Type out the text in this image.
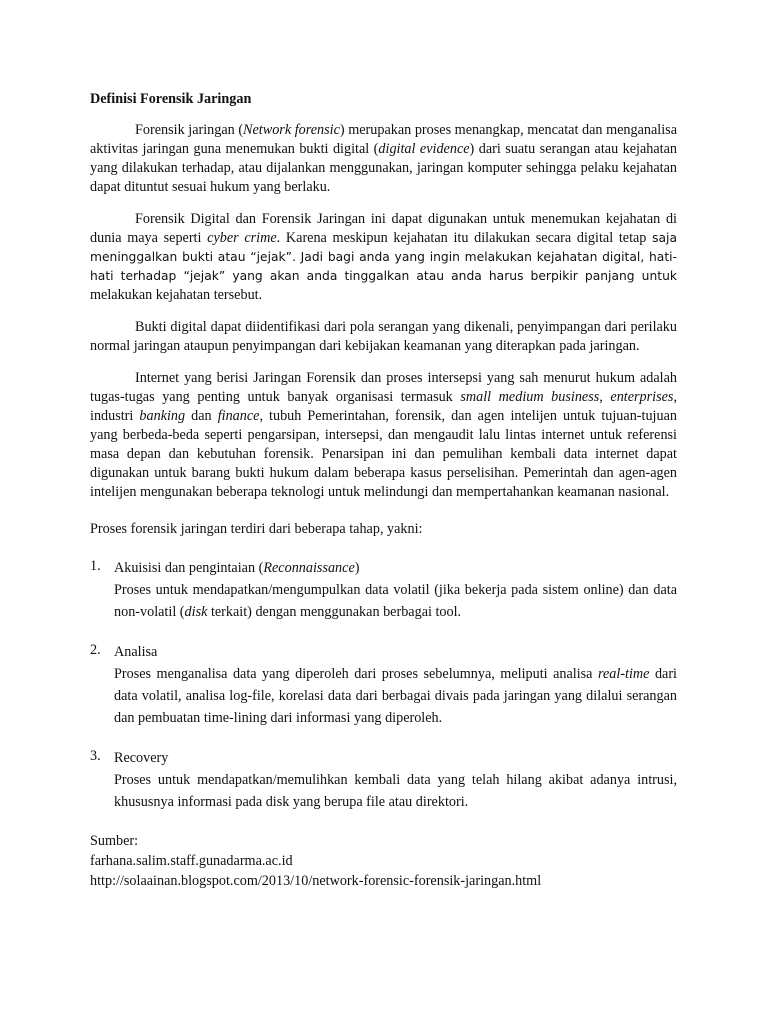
Definisi Forensik Jaringan

Forensik jaringan (Network forensic) merupakan proses menangkap, mencatat dan menganalisa aktivitas jaringan guna menemukan bukti digital (digital evidence) dari suatu serangan atau kejahatan yang dilakukan terhadap, atau dijalankan menggunakan, jaringan komputer sehingga pelaku kejahatan dapat dituntut sesuai hukum yang berlaku.

Forensik Digital dan Forensik Jaringan ini dapat digunakan untuk menemukan kejahatan di dunia maya seperti cyber crime. Karena meskipun kejahatan itu dilakukan secara digital tetap saja meninggalkan bukti atau “jejak”. Jadi bagi anda yang ingin melakukan kejahatan digital, hati-hati terhadap “jejak” yang akan anda tinggalkan atau anda harus berpikir panjang untuk melakukan kejahatan tersebut.

Bukti digital dapat diidentifikasi dari pola serangan yang dikenali, penyimpangan dari perilaku normal jaringan ataupun penyimpangan dari kebijakan keamanan yang diterapkan pada jaringan.

Internet yang berisi Jaringan Forensik dan proses intersepsi yang sah menurut hukum adalah tugas-tugas yang penting untuk banyak organisasi termasuk small medium business, enterprises, industri banking dan finance, tubuh Pemerintahan, forensik, dan agen intelijen untuk tujuan-tujuan yang berbeda-beda seperti pengarsipan, intersepsi, dan mengaudit lalu lintas internet untuk referensi masa depan dan kebutuhan forensik. Penarsipan ini dan pemulihan kembali data internet dapat digunakan untuk barang bukti hukum dalam beberapa kasus perselisihan. Pemerintah dan agen-agen intelijen mengunakan beberapa teknologi untuk melindungi dan mempertahankan keamanan nasional.

Proses forensik jaringan terdiri dari beberapa tahap, yakni:

1. Akuisisi dan pengintaian (Reconnaissance)
Proses untuk mendapatkan/mengumpulkan data volatil (jika bekerja pada sistem online) dan data non-volatil (disk terkait) dengan menggunakan berbagai tool.
2. Analisa
Proses menganalisa data yang diperoleh dari proses sebelumnya, meliputi analisa real-time dari data volatil, analisa log-file, korelasi data dari berbagai divais pada jaringan yang dilalui serangan dan pembuatan time-lining dari informasi yang diperoleh.
3. Recovery
Proses untuk mendapatkan/memulihkan kembali data yang telah hilang akibat adanya intrusi, khususnya informasi pada disk yang berupa file atau direktori.
Sumber:
farhana.salim.staff.gunadarma.ac.id
http://solaainan.blogspot.com/2013/10/network-forensic-forensik-jaringan.html
